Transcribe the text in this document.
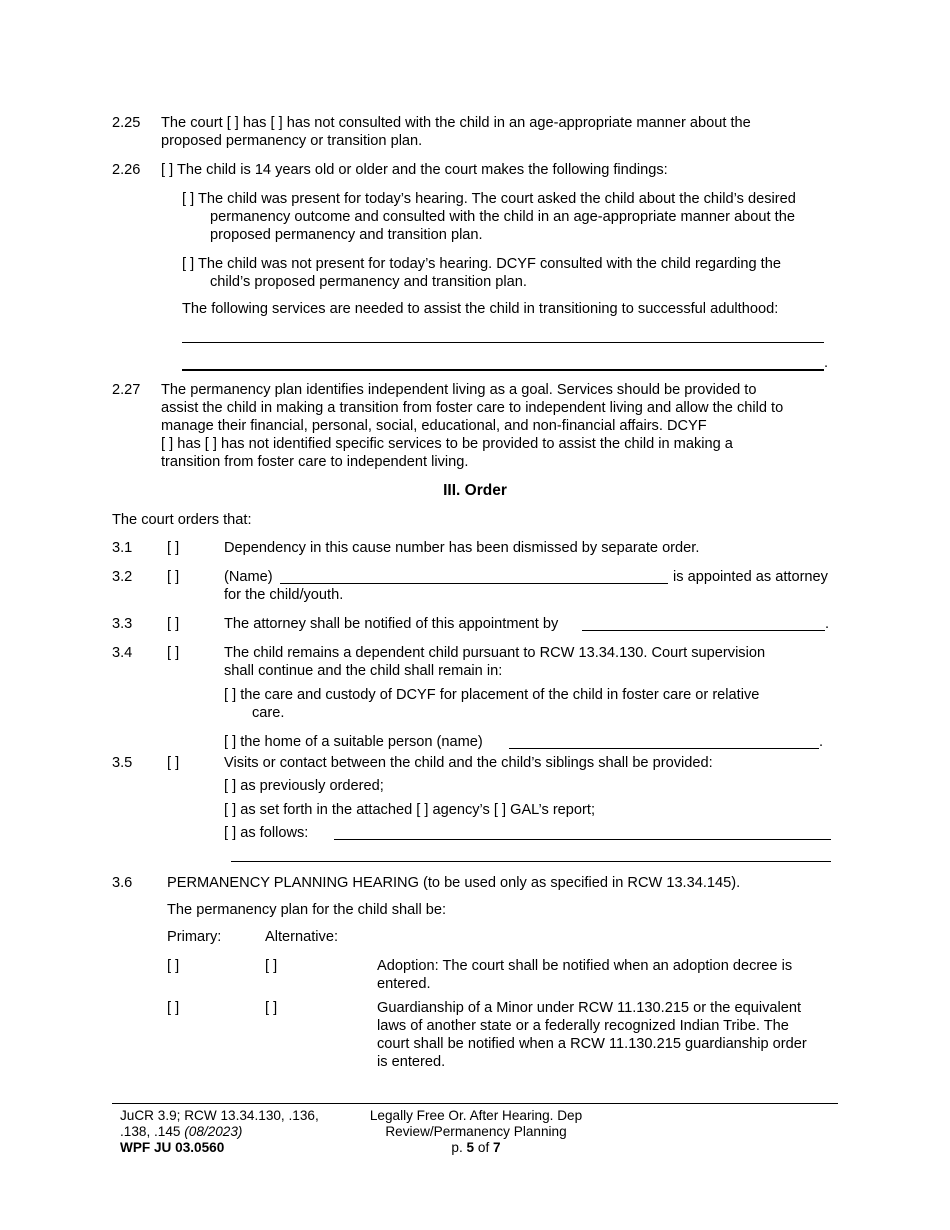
2.25 The court [ ] has [ ] has not consulted with the child in an age-appropriate manner about the
proposed permanency or transition plan.
2.26 [ ] The child is 14 years old or older and the court makes the following findings:
[ ] The child was present for today’s hearing. The court asked the child about the child’s desired
permanency outcome and consulted with the child in an age-appropriate manner about the
proposed permanency and transition plan.
[ ] The child was not present for today’s hearing. DCYF consulted with the child regarding the
child’s proposed permanency and transition plan.
The following services are needed to assist the child in transitioning to successful adulthood:
.
2.27 The permanency plan identifies independent living as a goal. Services should be provided to
assist the child in making a transition from foster care to independent living and allow the child to
manage their financial, personal, social, educational, and non-financial affairs. DCYF
[ ] has [ ] has not identified specific services to be provided to assist the child in making a
transition from foster care to independent living.
III. Order
The court orders that:
3.1 [ ]	Dependency in this cause number has been dismissed by separate order.
3.2 [ ]	(Name)	is appointed as attorney
for the child/youth.
3.3 [ ]	The attorney shall be notified of this appointment by	.
3.4 [ ]	The child remains a dependent child pursuant to RCW 13.34.130. Court supervision
shall continue and the child shall remain in:
[ ] the care and custody of DCYF for placement of the child in foster care or relative
care.
[ ] the home of a suitable person (name)	.
3.5 [ ]	Visits or contact between the child and the child’s siblings shall be provided:
[ ] as previously ordered;
[ ] as set forth in the attached [ ] agency’s [ ] GAL’s report;
[ ] as follows:
3.6 PERMANENCY PLANNING HEARING (to be used only as specified in RCW 13.34.145).
The permanency plan for the child shall be:
Primary:	Alternative:
[ ]	[ ]	Adoption: The court shall be notified when an adoption decree is
entered.
[ ]	[ ]	Guardianship of a Minor under RCW 11.130.215 or the equivalent
laws of another state or a federally recognized Indian Tribe. The
court shall be notified when a RCW 11.130.215 guardianship order
is entered.
JuCR 3.9; RCW 13.34.130, .136,
.138, .145 (08/2023)
WPF JU 03.0560
Legally Free Or. After Hearing. Dep
Review/Permanency Planning
p. 5 of 7
